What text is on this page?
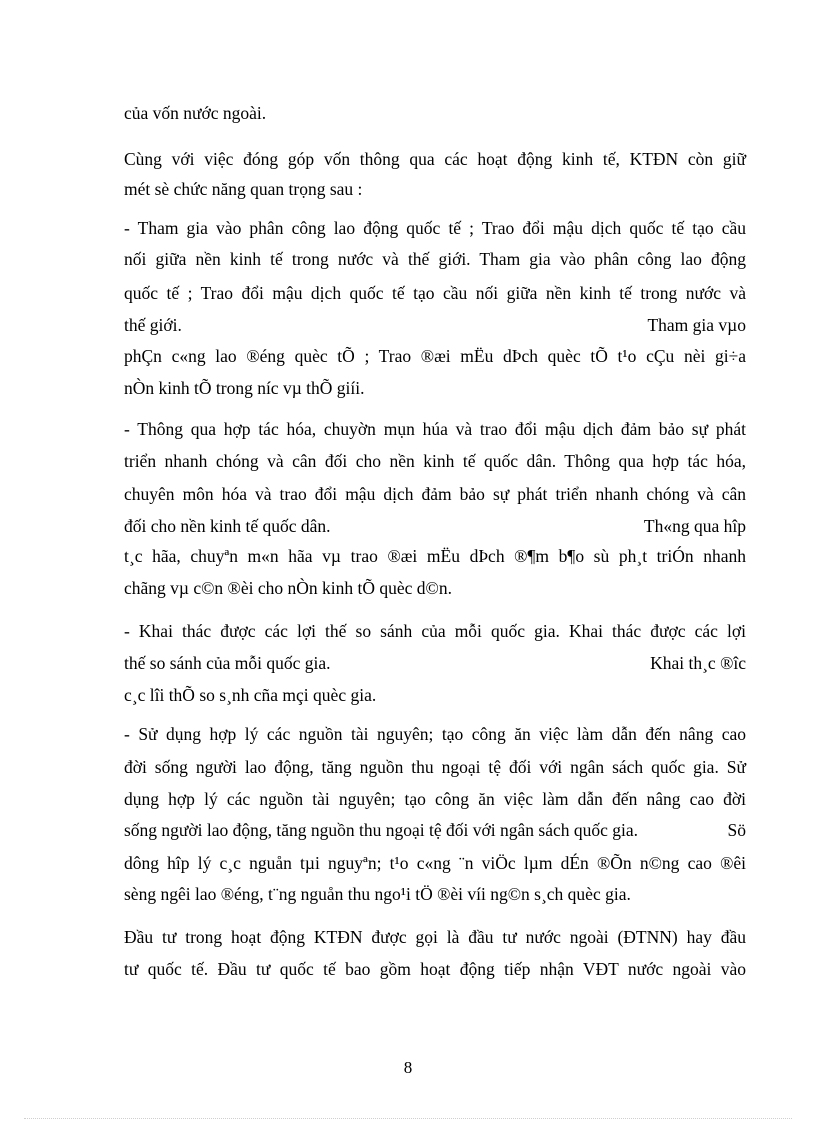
của vốn nước ngoài.
Cùng với việc đóng góp vốn thông qua các hoạt động kinh tế, KTĐN còn giữ
mét sè chức năng quan trọng sau :
- Tham gia vào phân công lao động quốc tế ; Trao đổi mậu dịch quốc tế tạo cầu
nối giữa nền kinh tế trong nước và thế giới. Tham gia vào phân công lao động
quốc tế ; Trao đổi mậu dịch quốc tế tạo cầu nối giữa nền kinh tế trong nước và
thế giới.	Tham gia vµo
phÇn c«ng lao ®éng quèc tÕ ; Trao ®æi mËu dÞch quèc tÕ t¹o cÇu nèi gi÷a
nÒn kinh tÕ trong níc vµ thÕ giíi.
- Thông qua hợp tác hóa, chuyờn mụn húa và trao đổi mậu dịch đảm bảo sự phát
triển nhanh chóng và cân đối cho nền kinh tế quốc dân. Thông qua hợp tác hóa,
chuyên môn hóa và trao đổi mậu dịch đảm bảo sự phát triển nhanh chóng và cân
đối cho nền kinh tế quốc dân.	Th«ng qua hîp
t¸c hãa, chuyªn m«n hãa vµ trao ®æi mËu dÞch ®¶m b¶o sù ph¸t triÓn nhanh
chãng vµ c©n ®èi cho nÒn kinh tÕ quèc d©n.
- Khai thác được các lợi thế so sánh của mỗi quốc gia. Khai thác được các lợi
thế so sánh của mỗi quốc gia.	Khai th¸c ®îc
c¸c lîi thÕ so s¸nh cña mçi quèc gia.
- Sử dụng hợp lý các nguồn tài nguyên; tạo công ăn việc làm dẫn đến nâng cao
đời sống người lao động, tăng nguồn thu ngoại tệ đối với ngân sách quốc gia. Sử
dụng hợp lý các nguồn tài nguyên; tạo công ăn việc làm dẫn đến nâng cao đời
sống người lao động, tăng nguồn thu ngoại tệ đối với ngân sách quốc gia.	Sö
dông hîp lý c¸c nguån tµi nguyªn; t¹o c«ng ¨n viÖc lµm dÉn ®Õn n©ng cao ®êi
sèng ngêi lao ®éng, t¨ng nguån thu ngo¹i tÖ ®èi víi ng©n s¸ch quèc gia.
Đầu tư trong hoạt động KTĐN được gọi là đầu tư nước ngoài (ĐTNN) hay đầu
tư quốc tế. Đầu tư quốc tế bao gồm hoạt động tiếp nhận VĐT nước ngoài vào
8
